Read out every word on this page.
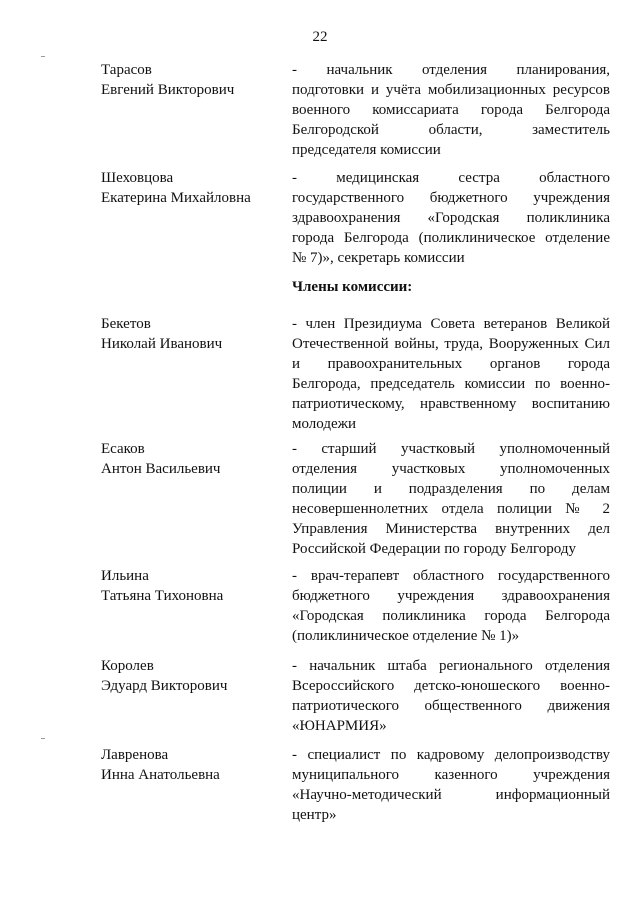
22
Тарасов
Евгений Викторович
- начальник отделения планирования,
подготовки и учёта мобилизационных ресурсов
военного комиссариата города Белгорода
Белгородской области, заместитель
председателя комиссии
Шеховцова
Екатерина Михайловна
- медицинская сестра областного
государственного бюджетного учреждения
здравоохранения «Городская поликлиника
города Белгорода (поликлиническое отделение
№ 7)», секретарь комиссии
Члены комиссии:
Бекетов
Николай Иванович
- член Президиума Совета ветеранов Великой
Отечественной войны, труда, Вооруженных Сил
и правоохранительных органов города
Белгорода, председатель комиссии по военно-
патриотическому, нравственному воспитанию
молодежи
Есаков
Антон Васильевич
- старший участковый уполномоченный
отделения участковых уполномоченных
полиции и подразделения по делам
несовершеннолетних отдела полиции № 2
Управления Министерства внутренних дел
Российской Федерации по городу Белгороду
Ильина
Татьяна Тихоновна
- врач-терапевт областного государственного
бюджетного учреждения здравоохранения
«Городская поликлиника города Белгорода
(поликлиническое отделение № 1)»
Королев
Эдуард Викторович
- начальник штаба регионального отделения
Всероссийского детско-юношеского военно-
патриотического общественного движения
«ЮНАРМИЯ»
Лавренова
Инна Анатольевна
- специалист по кадровому делопроизводству
муниципального казенного учреждения
«Научно-методический информационный
центр»
